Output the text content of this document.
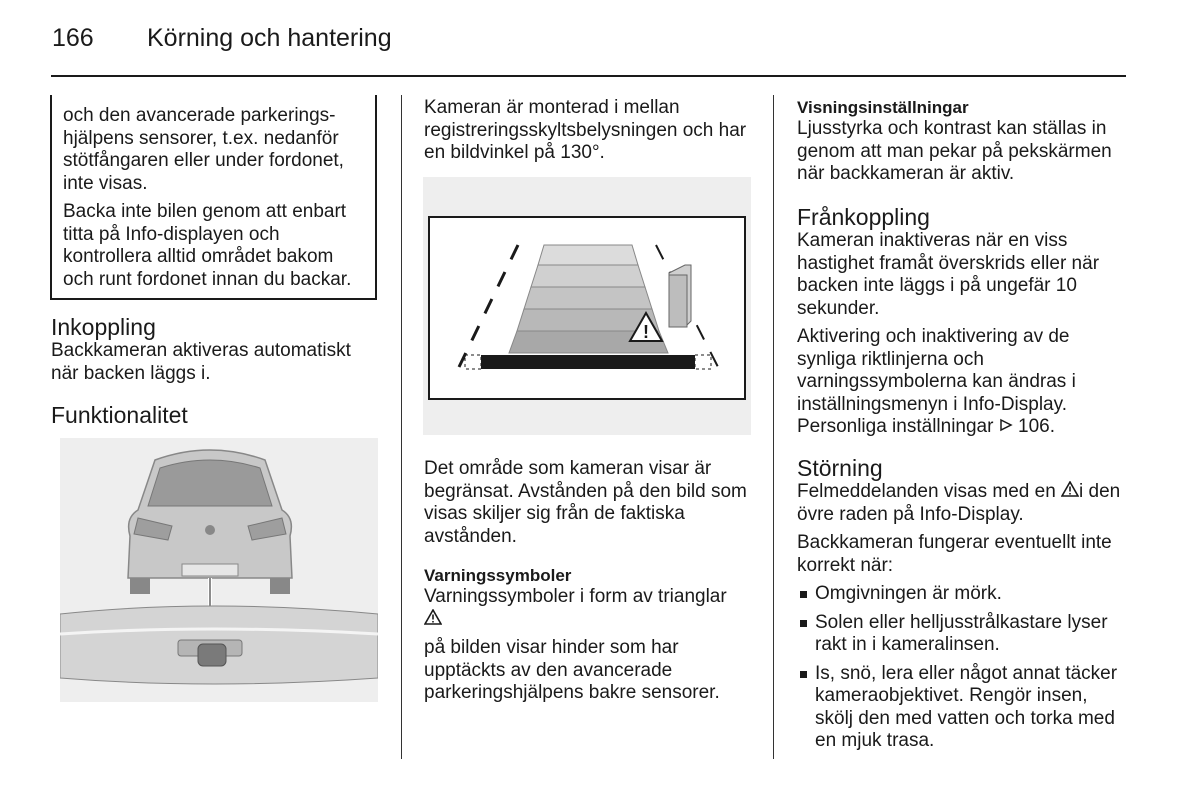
166 Körning och hantering

och den avancerade parkerings-hjälpens sensorer, t.ex. nedanför stötfångaren eller under fordonet, inte visas.

Backa inte bilen genom att enbart titta på Info-displayen och kontrollera alltid området bakom och runt fordonet innan du backar.

Inkoppling

Backkameran aktiveras automatiskt när backen läggs i.

Funktionalitet
Kameran är monterad i mellan registreringsskyltsbelysningen och har en bildvinkel på 130°.
!
Det område som kameran visar är begränsat. Avstånden på den bild som visas skiljer sig från de faktiska avstånden.

Varningssymboler

Varningssymboler i form av trianglar

på bilden visar hinder som har upptäckts av den avancerade parkeringshjälpens bakre sensorer.

Visningsinställningar

Ljusstyrka och kontrast kan ställas in genom att man pekar på pekskärmen när backkameran är aktiv.

Frånkoppling

Kameran inaktiveras när en viss hastighet framåt överskrids eller när backen inte läggs i på ungefär 10 sekunder.

Aktivering och inaktivering av de synliga riktlinjerna och varningssymbolerna kan ändras i inställningsmenyn i Info-Display. Personliga inställningar 106.

Störning

Felmeddelanden visas med en i den övre raden på Info-Display.

Backkameran fungerar eventuellt inte korrekt när:

Omgivningen är mörk.
Solen eller helljusstrålkastare lyser rakt in i kameralinsen.
Is, snö, lera eller något annat täcker kameraobjektivet. Rengör insen, skölj den med vatten och torka med en mjuk trasa.
